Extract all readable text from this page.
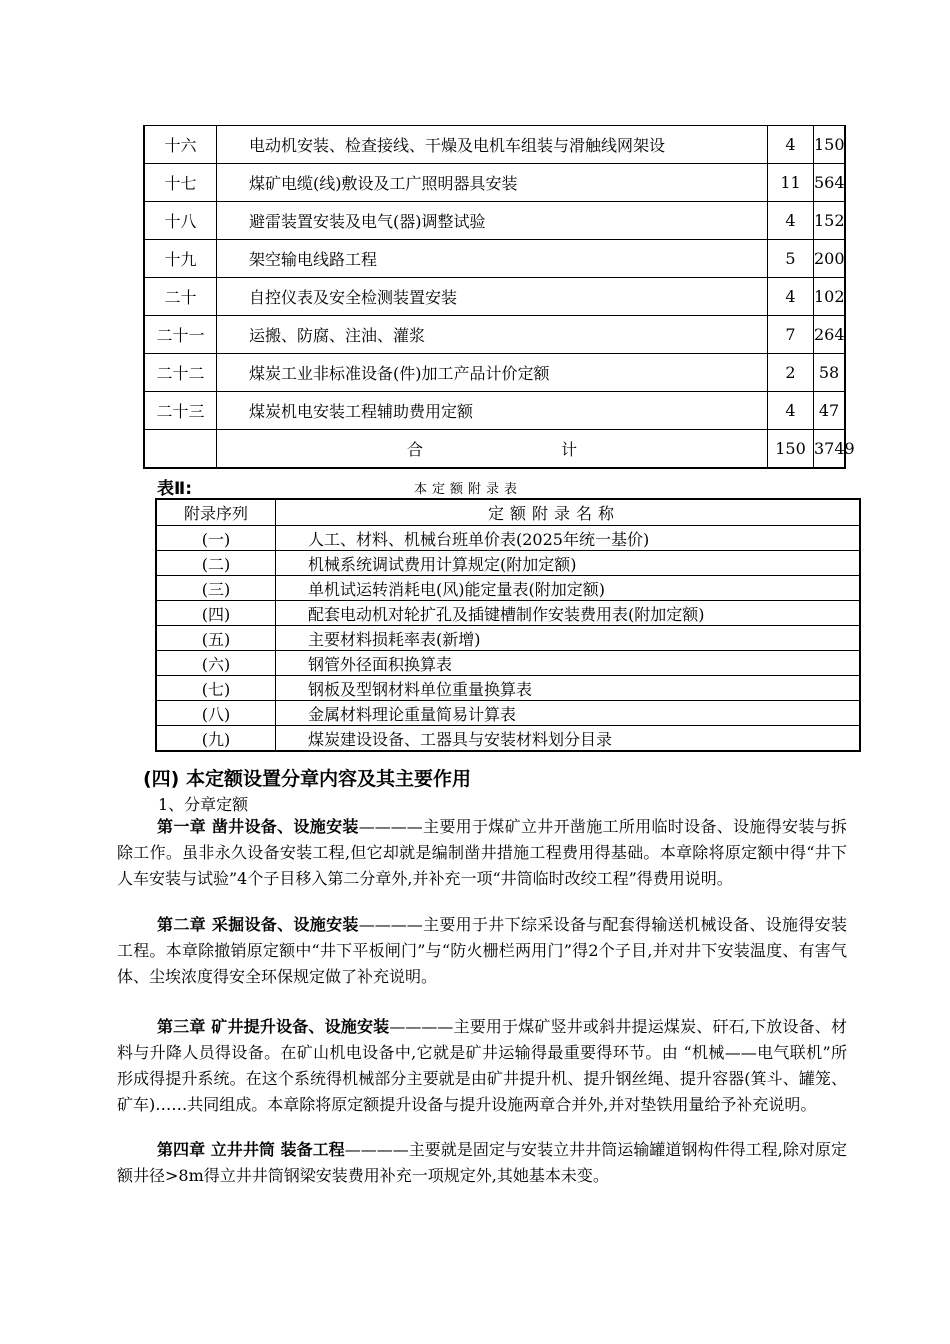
十六	电动机安装、检查接线、干燥及电机车组装与滑触线网架设	4	150
十七	煤矿电缆(线)敷设及工广照明器具安装	11	564
十八	避雷装置安装及电气(器)调整试验	4	152
十九	架空输电线路工程	5	200
二十	自控仪表及安全检测装置安装	4	102
二十一	运搬、防腐、注油、灌浆	7	264
二十二	煤炭工业非标准设备(件)加工产品计价定额	2	58
二十三	煤炭机电安装工程辅助费用定额	4	47

	合 计	150	3749
表Ⅱ:	本定额附录表
附录序列	定额附录名称
(一)	人工、材料、机械台班单价表(2025年统一基价)
(二)	机械系统调试费用计算规定(附加定额)
(三)	单机试运转消耗电(风)能定量表(附加定额)
(四)	配套电动机对轮扩孔及插键槽制作安装费用表(附加定额)
(五)	主要材料损耗率表(新增)
(六)	钢管外径面积换算表
(七)	钢板及型钢材料单位重量换算表
(八)	金属材料理论重量简易计算表
(九)	煤炭建设设备、工器具与安装材料划分目录
(四) 本定额设置分章内容及其主要作用
1、分章定额

第一章 凿井设备、设施安装————主要用于煤矿立井开凿施工所用临时设备、设施得安装与拆除工作。虽非永久设备安装工程,但它却就是编制凿井措施工程费用得基础。本章除将原定额中得“井下人车安装与试验”4个子目移入第二分章外,并补充一项“井筒临时改绞工程”得费用说明。

第二章 采掘设备、设施安装————主要用于井下综采设备与配套得输送机械设备、设施得安装工程。本章除撤销原定额中“井下平板闸门”与“防火栅栏两用门”得2个子目,并对井下安装温度、有害气体、尘埃浓度得安全环保规定做了补充说明。

第三章 矿井提升设备、设施安装————主要用于煤矿竖井或斜井提运煤炭、矸石,下放设备、材料与升降人员得设备。在矿山机电设备中,它就是矿井运输得最重要得环节。由 “机械——电气联机”所形成得提升系统。在这个系统得机械部分主要就是由矿井提升机、提升钢丝绳、提升容器(箕斗、罐笼、矿车)……共同组成。本章除将原定额提升设备与提升设施两章合并外,并对垫铁用量给予补充说明。

第四章 立井井筒 装备工程————主要就是固定与安装立井井筒运输罐道钢构件得工程,除对原定额井径>8m得立井井筒钢梁安装费用补充一项规定外,其她基本未变。
